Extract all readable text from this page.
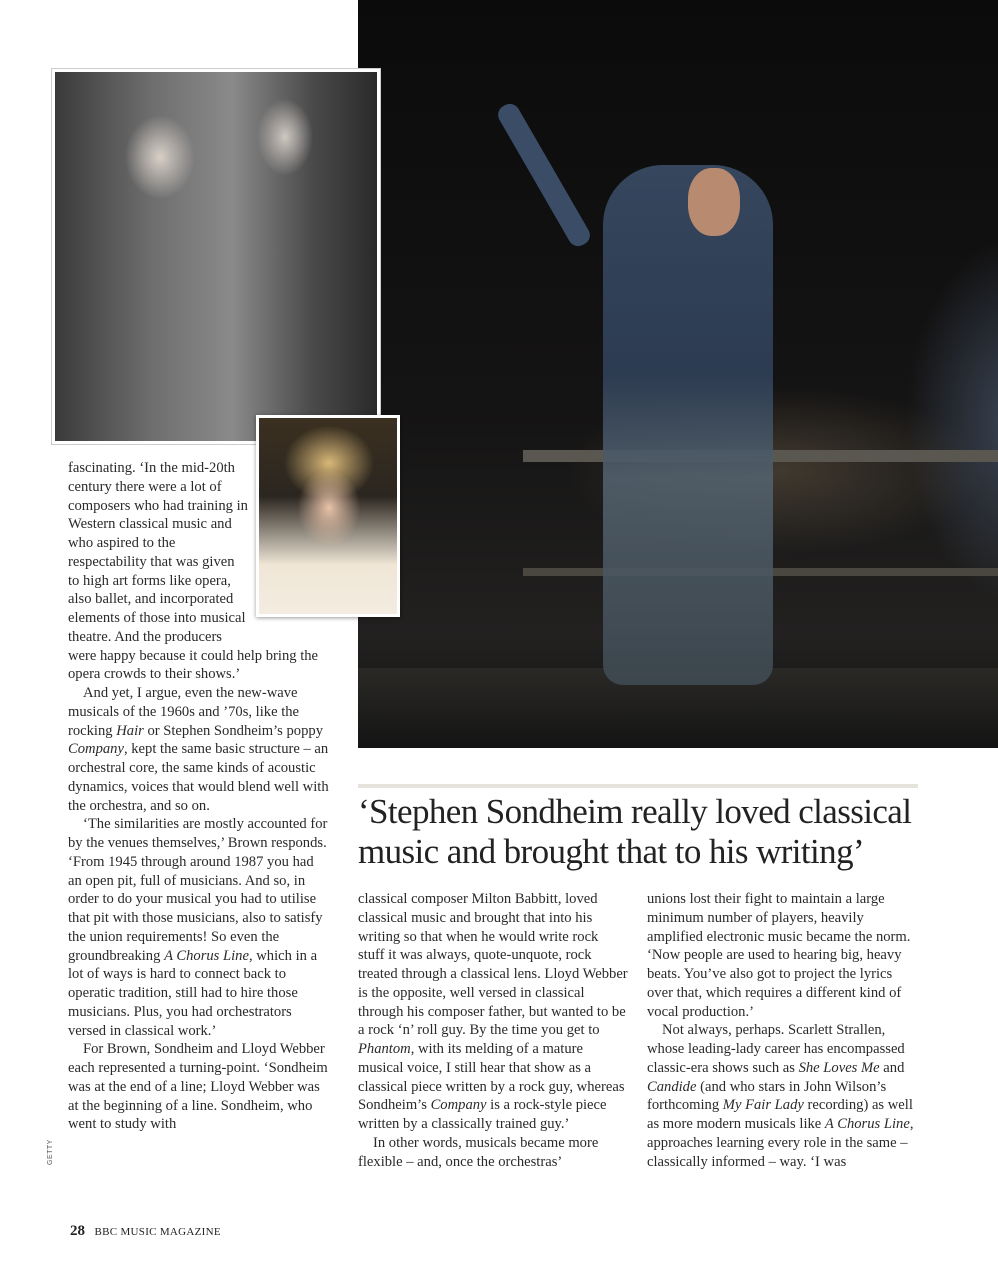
GETTY
‘Stephen Sondheim really loved classical music and brought that to his writing’

fascinating. ‘In the mid-20th century there were a lot of composers who had training in Western classical music and who aspired to the respectability that was given to high art forms like opera, also ballet, and incorporated elements of those into musical theatre. And the producers were happy because it could help bring the opera crowds to their shows.’

And yet, I argue, even the new-wave musicals of the 1960s and ’70s, like the rocking Hair or Stephen Sondheim’s poppy Company, kept the same basic structure – an orchestral core, the same kinds of acoustic dynamics, voices that would blend well with the orchestra, and so on.

‘The similarities are mostly accounted for by the venues themselves,’ Brown responds. ‘From 1945 through around 1987 you had an open pit, full of musicians. And so, in order to do your musical you had to utilise that pit with those musicians, also to satisfy the union requirements! So even the groundbreaking A Chorus Line, which in a lot of ways is hard to connect back to operatic tradition, still had to hire those musicians. Plus, you had orchestrators versed in classical work.’

For Brown, Sondheim and Lloyd Webber each represented a turning-point. ‘Sondheim was at the end of a line; Lloyd Webber was at the beginning of a line. Sondheim, who went to study with

classical composer Milton Babbitt, loved classical music and brought that into his writing so that when he would write rock stuff it was always, quote-unquote, rock treated through a classical lens. Lloyd Webber is the opposite, well versed in classical through his composer father, but wanted to be a rock ‘n’ roll guy. By the time you get to Phantom, with its melding of a mature musical voice, I still hear that show as a classical piece written by a rock guy, whereas Sondheim’s Company is a rock-style piece written by a classically trained guy.’

In other words, musicals became more flexible – and, once the orchestras’

unions lost their fight to maintain a large minimum number of players, heavily amplified electronic music became the norm. ‘Now people are used to hearing big, heavy beats. You’ve also got to project the lyrics over that, which requires a different kind of vocal production.’

Not always, perhaps. Scarlett Strallen, whose leading-lady career has encompassed classic-era shows such as She Loves Me and Candide (and who stars in John Wilson’s forthcoming My Fair Lady recording) as well as more modern musicals like A Chorus Line, approaches learning every role in the same – classically informed – way. ‘I was

28 BBC MUSIC MAGAZINE
